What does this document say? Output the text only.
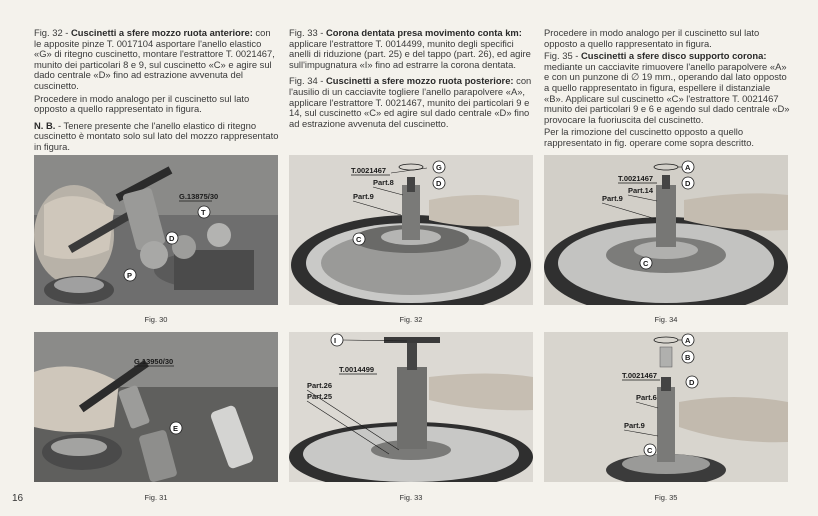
Fig. 32 - Cuscinetti a sfere mozzo ruota anteriore: con le apposite pinze T. 0017104 asportare l'anello elastico «G» di ritegno cuscinetto, montare l'estrattore T. 0021467, munito dei particolari 8 e 9, sul cuscinetto «C» e agire sul dado centrale «D» fino ad estrazione avvenuta del cuscinetto.

Procedere in modo analogo per il cuscinetto sul lato opposto a quello rappresentato in figura.

N. B. - Tenere presente che l'anello elastico di ritegno cuscinetto è montato solo sul lato del mozzo rappresentato in figura.

Fig. 33 - Corona dentata presa movimento conta km: applicare l'estrattore T. 0014499, munito degli specifici anelli di riduzione (part. 25) e del tappo (part. 26), ed agire sull'impugnatura «I» fino ad estrarre la corona dentata.

Fig. 34 - Cuscinetti a sfere mozzo ruota posteriore: con l'ausilio di un cacciavite togliere l'anello parapolvere «A», applicare l'estrattore T. 0021467, munito dei particolari 9 e 14, sul cuscinetto «C» ed agire sul dado centrale «D» fino ad estrazione avvenuta del cuscinetto.

Procedere in modo analogo per il cuscinetto sul lato opposto a quello rappresentato in figura.

Fig. 35 - Cuscinetti a sfere disco supporto corona: mediante un cacciavite rimuovere l'anello parapolvere «A» e con un punzone di ∅ 19 mm., operando dal lato opposto a quello rappresentato in figura, espellere il distanziale «B». Applicare sul cuscinetto «C» l'estrattore T. 0021467 munito dei particolari 9 e 6 e agendo sul dado centrale «D» provocare la fuoriuscita del cuscinetto.

Per la rimozione del cuscinetto opposto a quello rappresentato in fig. operare come sopra descritto.

G.13875/30
T
D
P
Fig. 30
T.0021467	G
Part.8	D
Part.9
C
Fig. 32
A
T.0021467
D
Part.14
Part.9
C
Fig. 34
G.13950/30
E
Fig. 31
I
T.0014499
Part.26
Part.25
Fig. 33
A
B
T.0021467
D
Part.6
Part.9
C
Fig. 35
16
